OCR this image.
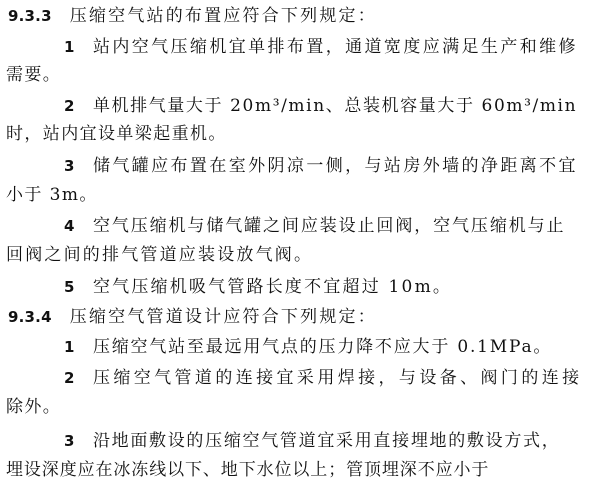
9.3.3 压缩空气站的布置应符合下列规定：
1 站内空气压缩机宜单排布置，通道宽度应满足生产和维修
需要。
2 单机排气量大于 20m³/min、总装机容量大于 60m³/min
时，站内宜设单梁起重机。
3 储气罐应布置在室外阴凉一侧，与站房外墙的净距离不宜
小于 3m。
4 空气压缩机与储气罐之间应装设止回阀，空气压缩机与止
回阀之间的排气管道应装设放气阀。
5 空气压缩机吸气管路长度不宜超过 10m。
9.3.4 压缩空气管道设计应符合下列规定：
1 压缩空气站至最远用气点的压力降不应大于 0.1MPa。
2 压缩空气管道的连接宜采用焊接，与设备、阀门的连接
除外。
3 沿地面敷设的压缩空气管道宜采用直接埋地的敷设方式，
埋设深度应在冰冻线以下、地下水位以上；管顶埋深不应小于
